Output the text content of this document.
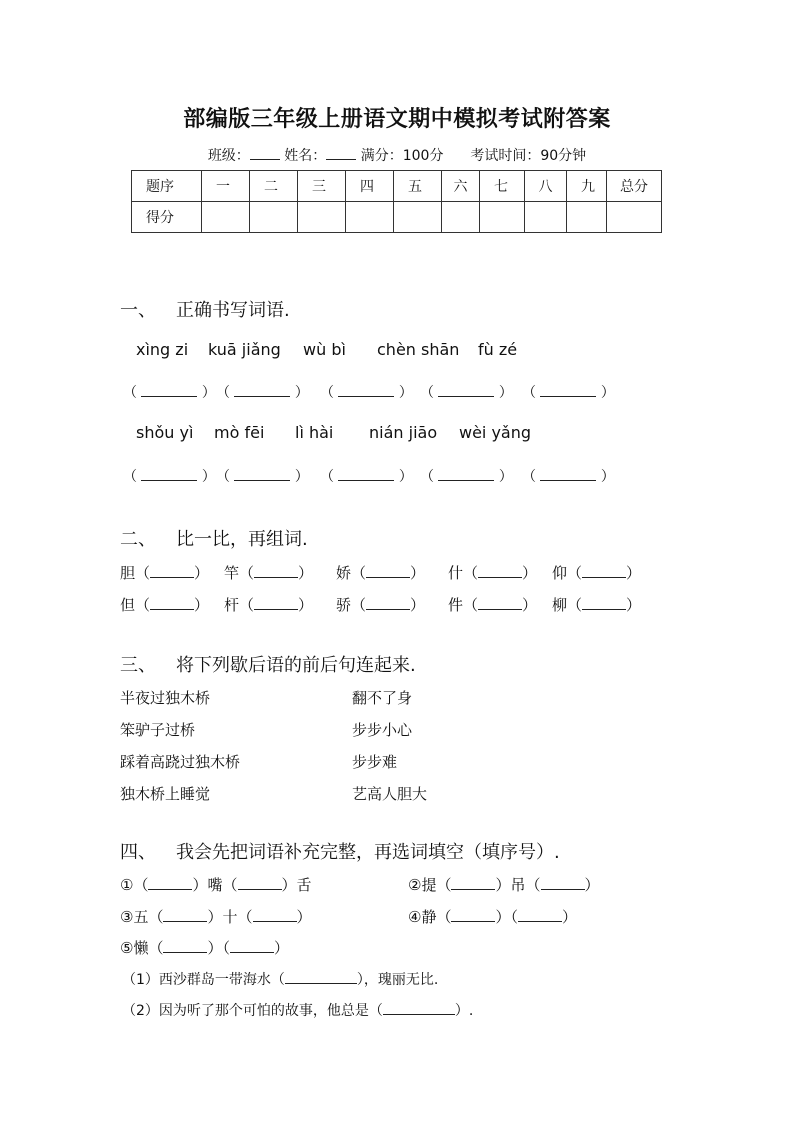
部编版三年级上册语文期中模拟考试附答案
班级： 姓名： 满分：100分 考试时间：90分钟
题序	一	二	三	四	五	六	七	八	九	总分
得分										
一、 正确书写词语.
xìng zi kuā jiǎng wù bì chèn shān fù zé
（	） （	） （	） （	） （	）
shǒu yì mò fēi lì hài nián jiāo wèi yǎng
（	） （	） （	） （	） （	）
二、 比一比，再组词.
胆（	） 竿（	） 娇（	） 什（	） 仰（	）
但（	） 杆（	） 骄（	） 件（	） 柳（	）
三、 将下列歇后语的前后句连起来.
半夜过独木桥
笨驴子过桥
踩着高跷过独木桥
独木桥上睡觉
翻不了身
步步小心
步步难
艺高人胆大
四、 我会先把词语补充完整，再选词填空（填序号）.
①（	）嘴（	）舌	②提（	）吊（	）
③五（	）十（	）	④静（	）（	）
⑤懒（	）（	）
（1）西沙群岛一带海水（	），瑰丽无比.
（2）因为听了那个可怕的故事，他总是（	）.
